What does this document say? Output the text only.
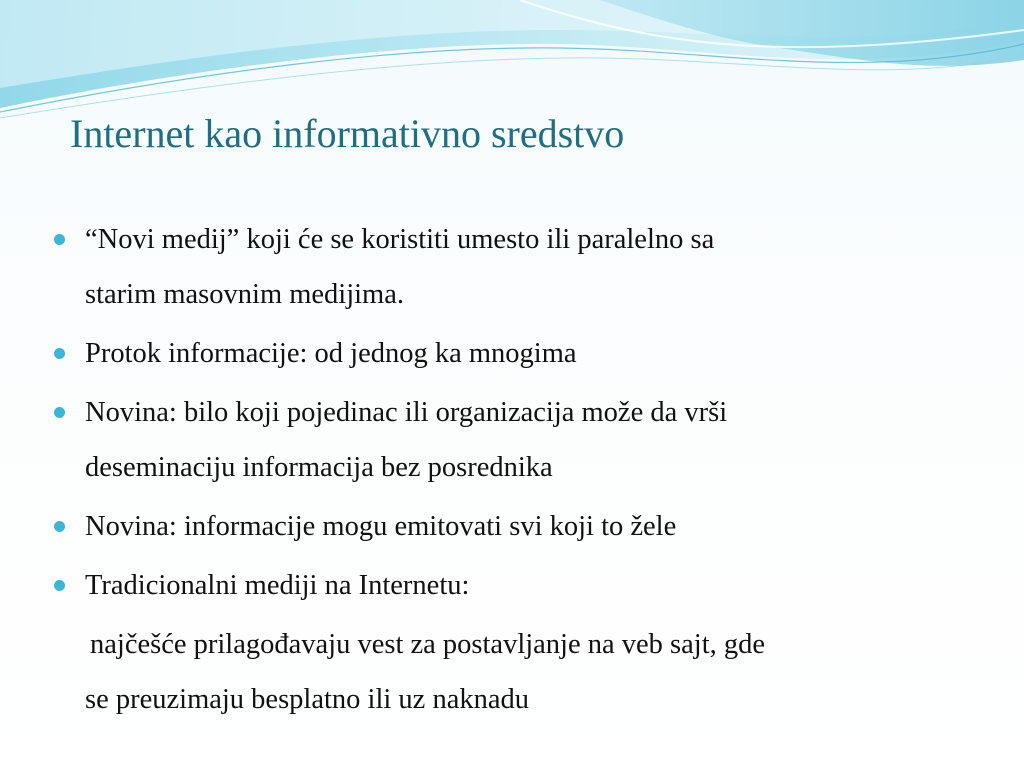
Internet kao informativno sredstvo
“Novi medij” koji će se koristiti umesto ili paralelno sa
starim masovnim medijima.
Protok informacije: od jednog ka mnogima
Novina: bilo koji pojedinac ili organizacija može da vrši
deseminaciju informacija bez posrednika
Novina: informacije mogu emitovati svi koji to žele
Tradicionalni mediji na Internetu:
najčešće prilagođavaju vest za postavljanje na veb sajt, gde
se preuzimaju besplatno ili uz naknadu
